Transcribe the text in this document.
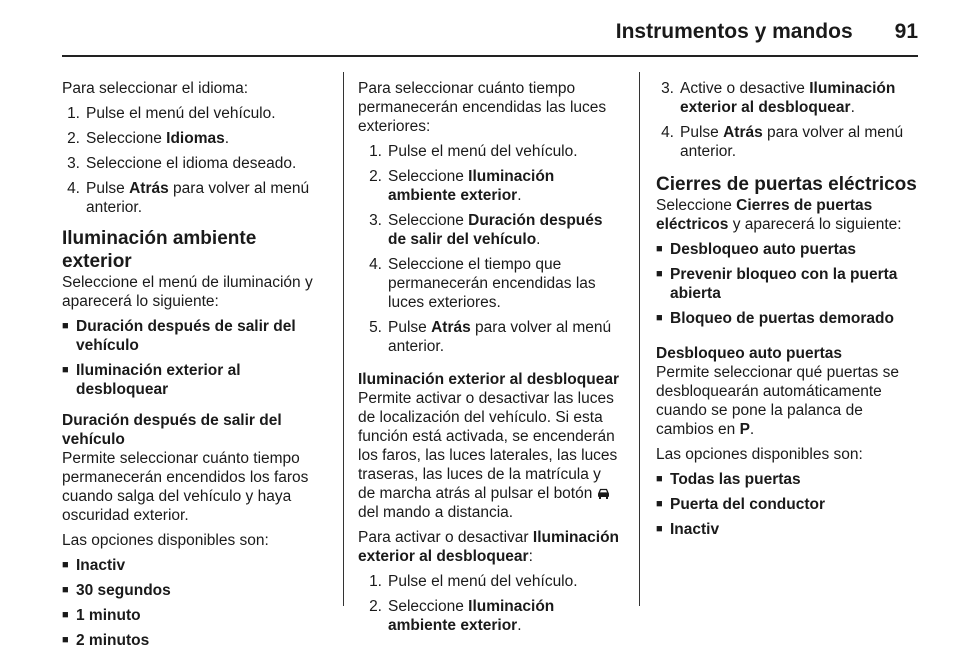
Instrumentos y mandos 91

Para seleccionar el idioma:

1. Pulse el menú del vehículo.
2. Seleccione Idiomas.
3. Seleccione el idioma deseado.
4. Pulse Atrás para volver al menú anterior.
Iluminación ambiente exterior

Seleccione el menú de iluminación y aparecerá lo siguiente:

■ Duración después de salir del vehículo
■ Iluminación exterior al desbloquear
Duración después de salir del vehículo

Permite seleccionar cuánto tiempo permanecerán encendidos los faros cuando salga del vehículo y haya oscuridad exterior.

Las opciones disponibles son:

■ Inactiv
■ 30 segundos
■ 1 minuto
■ 2 minutos

Para seleccionar cuánto tiempo permanecerán encendidas las luces exteriores:

1. Pulse el menú del vehículo.
2. Seleccione Iluminación ambiente exterior.
3. Seleccione Duración después de salir del vehículo.
4. Seleccione el tiempo que permanecerán encendidas las luces exteriores.
5. Pulse Atrás para volver al menú anterior.
Iluminación exterior al desbloquear

Permite activar o desactivar las luces de localización del vehículo. Si esta función está activada, se encenderán los faros, las luces laterales, las luces traseras, las luces de la matrícula y de marcha atrás al pulsar el botón  del mando a distancia.

Para activar o desactivar Iluminación exterior al desbloquear:

1. Pulse el menú del vehículo.
2. Seleccione Iluminación ambiente exterior.
3. Active o desactive Iluminación exterior al desbloquear.
4. Pulse Atrás para volver al menú anterior.
Cierres de puertas eléctricos

Seleccione Cierres de puertas eléctricos y aparecerá lo siguiente:

■ Desbloqueo auto puertas
■ Prevenir bloqueo con la puerta abierta
■ Bloqueo de puertas demorado
Desbloqueo auto puertas

Permite seleccionar qué puertas se desbloquearán automáticamente cuando se pone la palanca de cambios en P.

Las opciones disponibles son:

■ Todas las puertas
■ Puerta del conductor
■ Inactiv
